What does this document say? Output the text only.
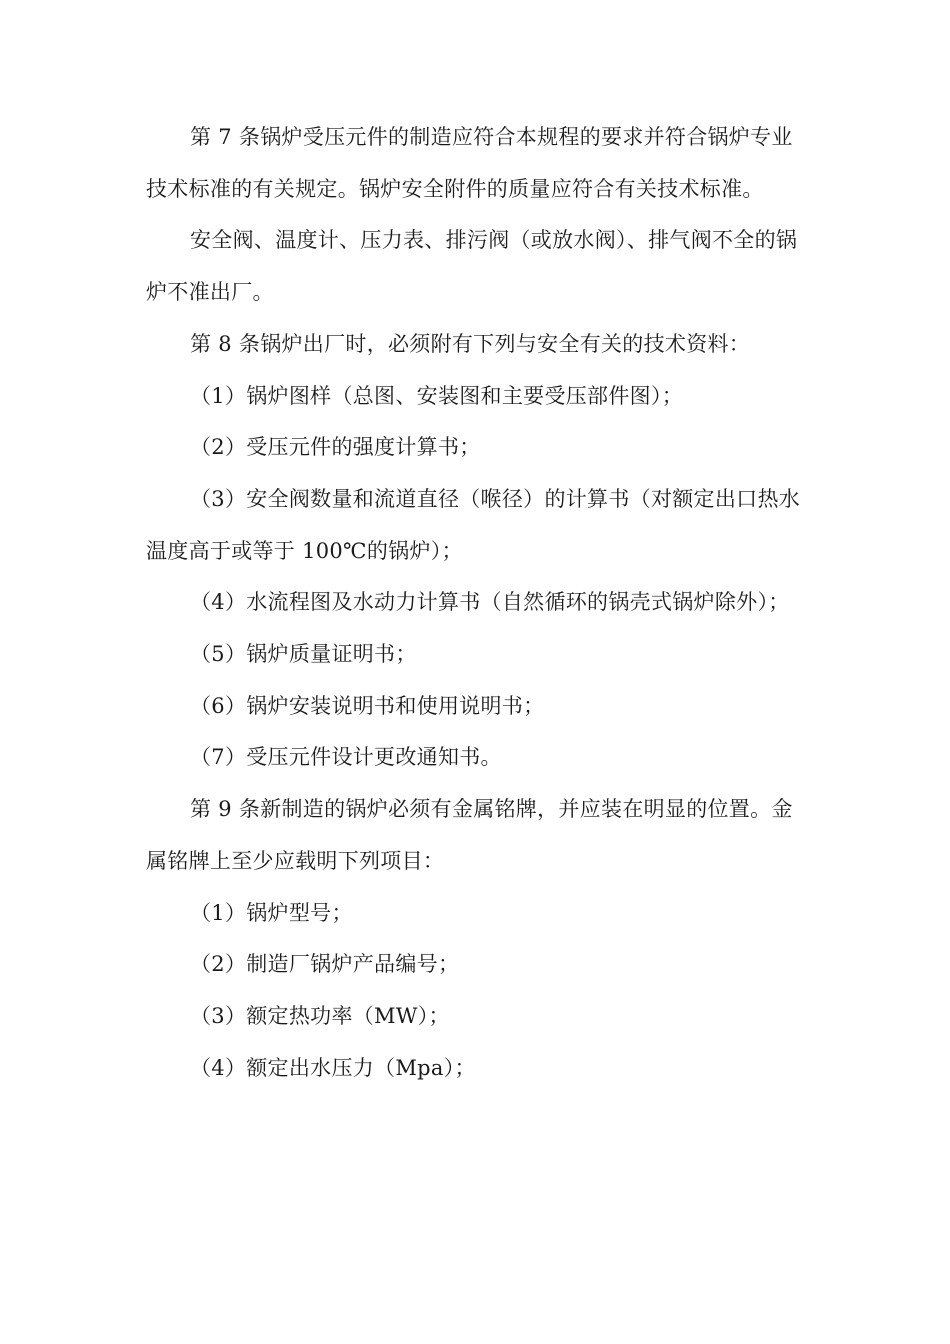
第 7 条锅炉受压元件的制造应符合本规程的要求并符合锅炉专业技术标准的有关规定。锅炉安全附件的质量应符合有关技术标准。

安全阀、温度计、压力表、排污阀（或放水阀）、排气阀不全的锅炉不准出厂。

第 8 条锅炉出厂时，必须附有下列与安全有关的技术资料：

（1）锅炉图样（总图、安装图和主要受压部件图）；

（2）受压元件的强度计算书；

（3）安全阀数量和流道直径（喉径）的计算书（对额定出口热水温度高于或等于 100℃的锅炉）；

（4）水流程图及水动力计算书（自然循环的锅壳式锅炉除外）；

（5）锅炉质量证明书；

（6）锅炉安装说明书和使用说明书；

（7）受压元件设计更改通知书。

第 9 条新制造的锅炉必须有金属铭牌，并应装在明显的位置。金属铭牌上至少应载明下列项目：

（1）锅炉型号；

（2）制造厂锅炉产品编号；

（3）额定热功率（MW）；

（4）额定出水压力（Mpa）；
